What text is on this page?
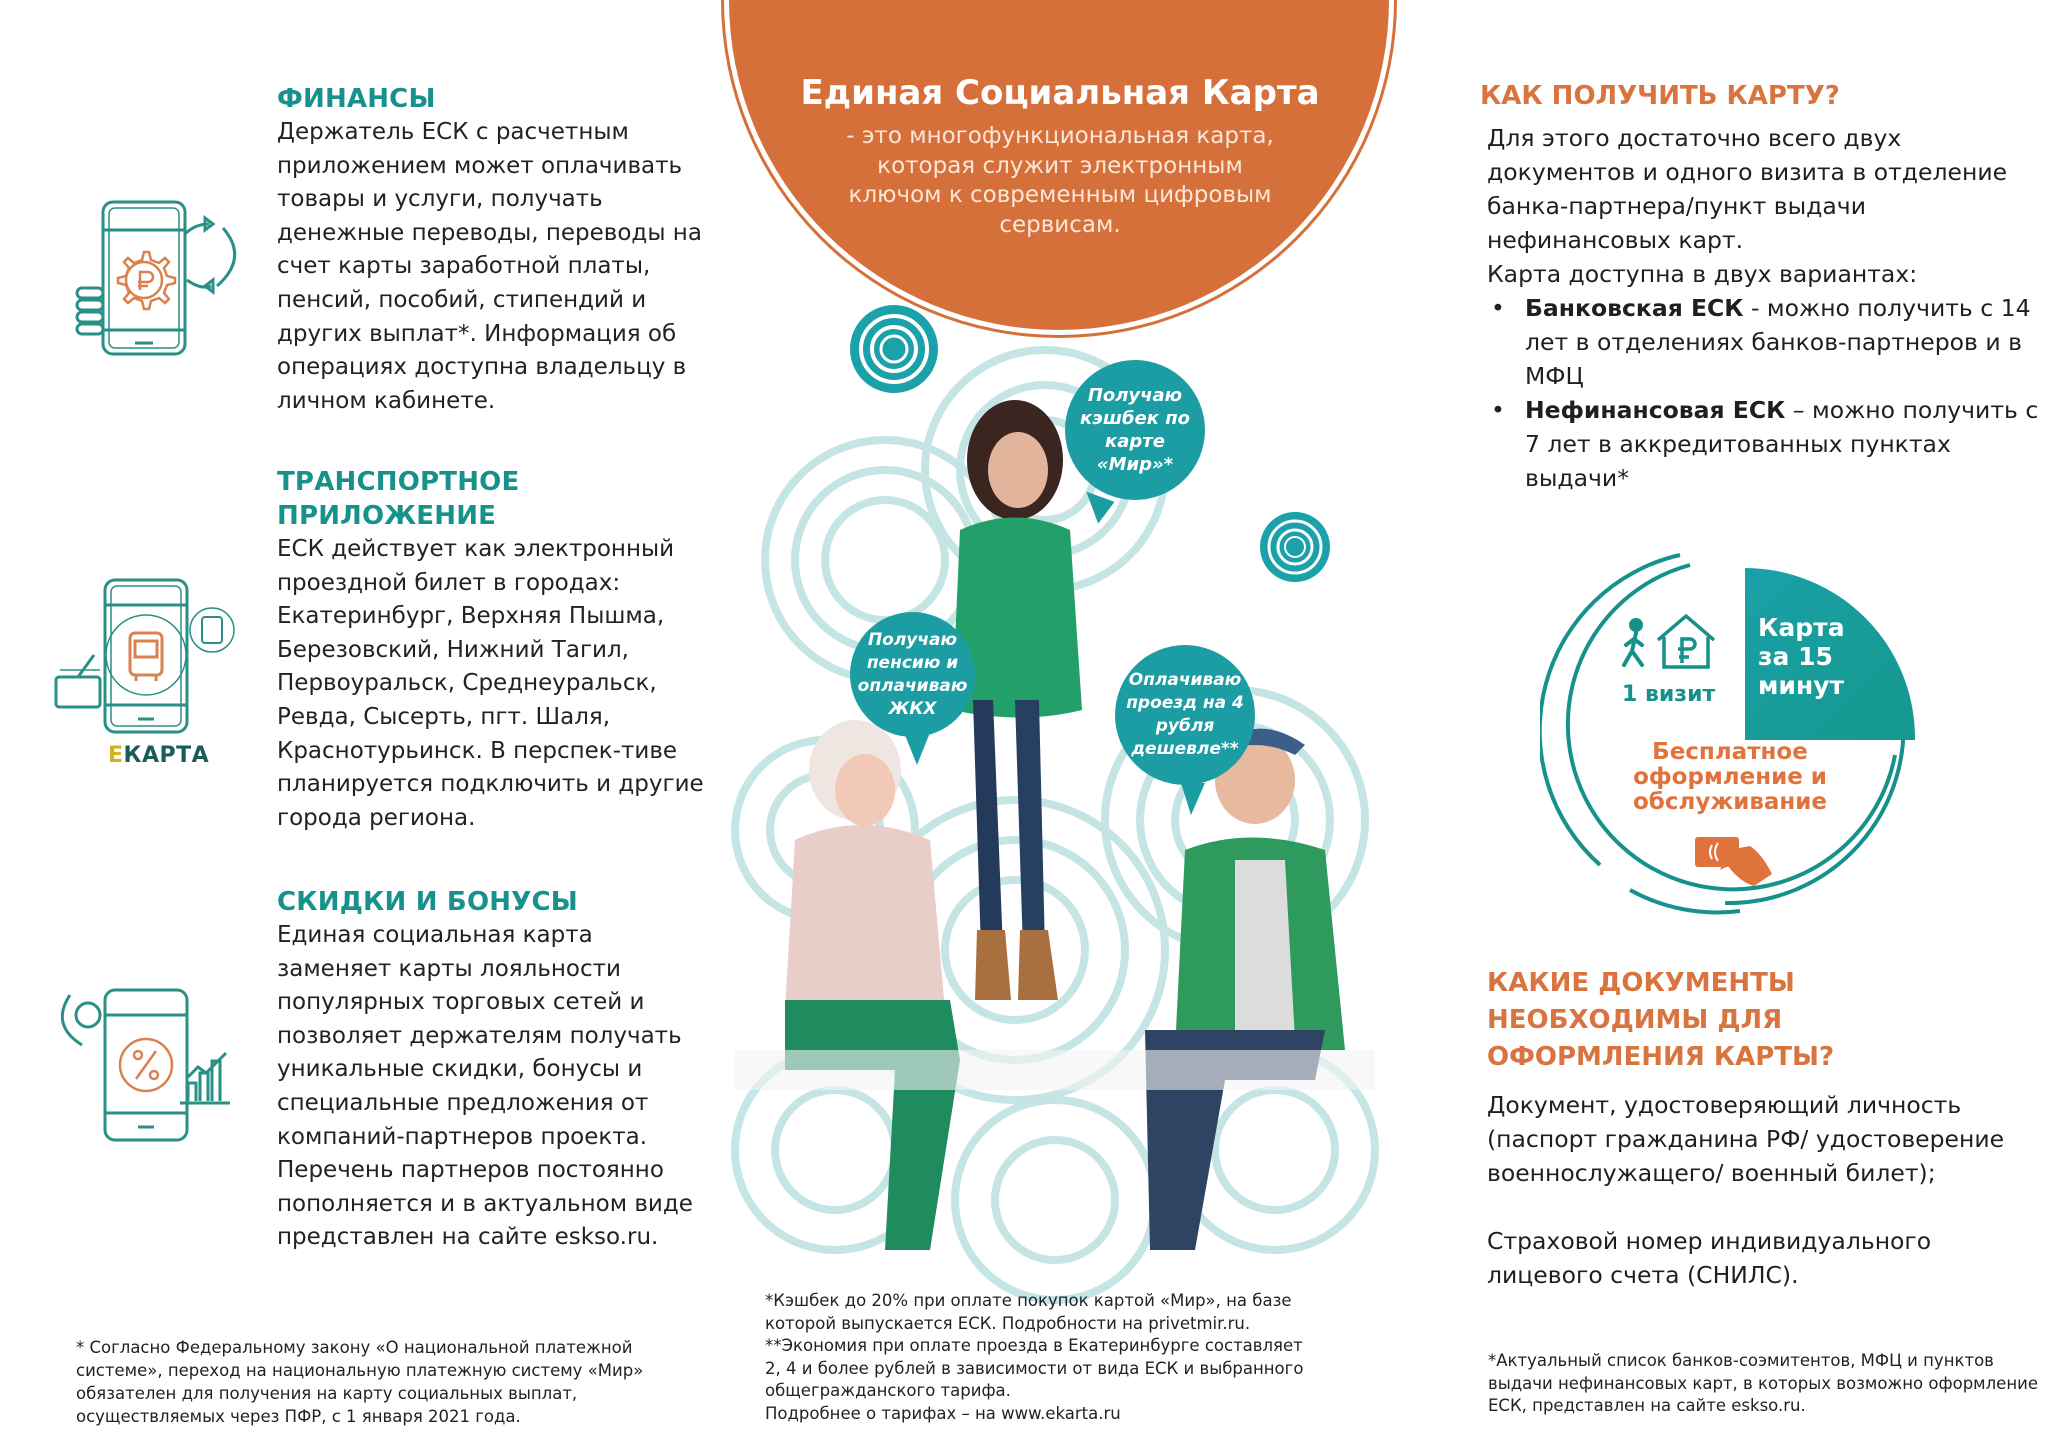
ФИНАНСЫ

Держатель ЕСК с расчетным приложением может оплачивать товары и услуги, получать денежные переводы, переводы на счет карты заработной платы, пенсий, пособий, стипендий и других выплат*. Информация об операциях доступна владельцу в личном кабинете.

ЕКАРТА
ТРАНСПОРТНОЕ ПРИЛОЖЕНИЕ

ЕСК действует как электронный проездной билет в городах: Екатеринбург, Верхняя Пышма, Березовский, Нижний Тагил, Первоуральск, Среднеуральск, Ревда, Сысерть, пгт. Шаля, Краснотурьинск. В перспек-тиве планируется подключить и другие города региона.

СКИДКИ И БОНУСЫ

Единая социальная карта заменяет карты лояльности популярных торговых сетей и позволяет держателям получать уникальные скидки, бонусы и специальные предложения от компаний-партнеров проекта. Перечень партнеров постоянно пополняется и в актуальном виде представлен на сайте eskso.ru.

* Согласно Федеральному закону «О национальной платежной системе», переход на национальную платежную систему «Мир» обязателен для получения на карту социальных выплат, осуществляемых через ПФР, с 1 января 2021 года.
Единая Социальная Карта
- это многофункциональная карта, которая служит электронным ключом к современным цифровым сервисам.
Получаю кэшбек по карте «Мир»*
Получаю пенсию и оплачиваю ЖКХ
Оплачиваю проезд на 4 рубля дешевле**
*Кэшбек до 20% при оплате покупок картой «Мир», на базе
которой выпускается ЕСК. Подробности на privetmir.ru.
**Экономия при оплате проезда в Екатеринбурге составляет
2, 4 и более рублей в зависимости от вида ЕСК и выбранного
общегражданского тарифа.
Подробнее о тарифах – на www.ekarta.ru
КАК ПОЛУЧИТЬ КАРТУ?

Для этого достаточно всего двух документов и одного визита в отделение банка-партнера/пункт выдачи нефинансовых карт.

Карта доступна в двух вариантах:

• Банковская ЕСК - можно получить с 14 лет в отделениях банков-партнеров и в МФЦ
• Нефинансовая ЕСК – можно получить с 7 лет в аккредитованных пунктах выдачи*
Карта
за 15
минут
1 визит
Бесплатное оформление и обслуживание
КАКИЕ ДОКУМЕНТЫ НЕОБХОДИМЫ ДЛЯ ОФОРМЛЕНИЯ КАРТЫ?

Документ, удостоверяющий личность (паспорт гражданина РФ/ удостоверение военнослужащего/ военный билет);

Страховой номер индивидуального лицевого счета (СНИЛС).

*Актуальный список банков-соэмитентов, МФЦ и пунктов выдачи нефинансовых карт, в которых возможно оформление ЕСК, представлен на сайте eskso.ru.
